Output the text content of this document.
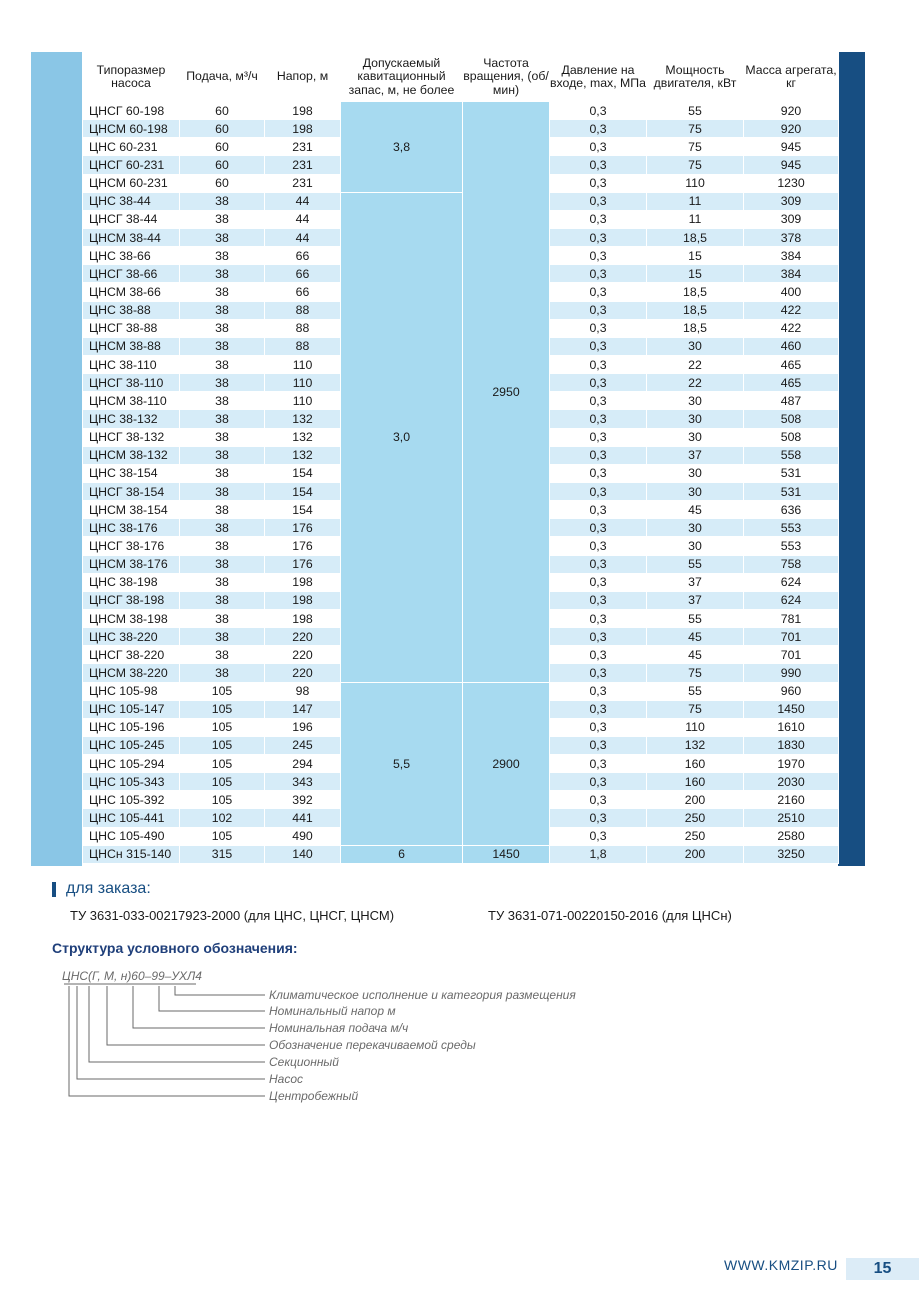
Типоразмер насоса	Подача, м³/ч	Напор, м	Допускаемый кавитационный запас, м, не более	Частота вращения, (об/мин)	Давление на входе, max, МПа	Мощность двигателя, кВт	Масса агрегата, кг
ЦНСГ 60-198	60	198	3,8	2950	0,3	55	920
ЦНСМ 60-198	60	198			0,3	75	920
ЦНС 60-231	60	231			0,3	75	945
ЦНСГ 60-231	60	231			0,3	75	945
ЦНСМ 60-231	60	231			0,3	110	1230
ЦНС 38-44	38	44	3,0		0,3	11	309
ЦНСГ 38-44	38	44			0,3	11	309
ЦНСМ 38-44	38	44			0,3	18,5	378
ЦНС 38-66	38	66			0,3	15	384
ЦНСГ 38-66	38	66			0,3	15	384
ЦНСМ 38-66	38	66			0,3	18,5	400
ЦНС 38-88	38	88			0,3	18,5	422
ЦНСГ 38-88	38	88			0,3	18,5	422
ЦНСМ 38-88	38	88			0,3	30	460
ЦНС 38-110	38	110			0,3	22	465
ЦНСГ 38-110	38	110			0,3	22	465
ЦНСМ 38-110	38	110			0,3	30	487
ЦНС 38-132	38	132			0,3	30	508
ЦНСГ 38-132	38	132			0,3	30	508
ЦНСМ 38-132	38	132			0,3	37	558
ЦНС 38-154	38	154			0,3	30	531
ЦНСГ 38-154	38	154			0,3	30	531
ЦНСМ 38-154	38	154			0,3	45	636
ЦНС 38-176	38	176			0,3	30	553
ЦНСГ 38-176	38	176			0,3	30	553
ЦНСМ 38-176	38	176			0,3	55	758
ЦНС 38-198	38	198			0,3	37	624
ЦНСГ 38-198	38	198			0,3	37	624
ЦНСМ 38-198	38	198			0,3	55	781
ЦНС 38-220	38	220			0,3	45	701
ЦНСГ 38-220	38	220			0,3	45	701
ЦНСМ 38-220	38	220			0,3	75	990
ЦНС 105-98	105	98	5,5	2900	0,3	55	960
ЦНС 105-147	105	147			0,3	75	1450
ЦНС 105-196	105	196			0,3	110	1610
ЦНС 105-245	105	245			0,3	132	1830
ЦНС 105-294	105	294			0,3	160	1970
ЦНС 105-343	105	343			0,3	160	2030
ЦНС 105-392	105	392			0,3	200	2160
ЦНС 105-441	102	441			0,3	250	2510
ЦНС 105-490	105	490			0,3	250	2580
ЦНСн 315-140	315	140	6	1450	1,8	200	3250
для заказа:
ТУ 3631-033-00217923-2000 (для ЦНС, ЦНСГ, ЦНСМ)	ТУ 3631-071-00220150-2016 (для ЦНСн)
Структура условного обозначения:
ЦНС(Г, М, н)60–99–УХЛ4
Климатическое исполнение и категория размещения
Номинальный напор м
Номинальная подача м/ч
Обозначение перекачиваемой среды
Секционный
Насос
Центробежный
WWW.KMZIP.RU	15
